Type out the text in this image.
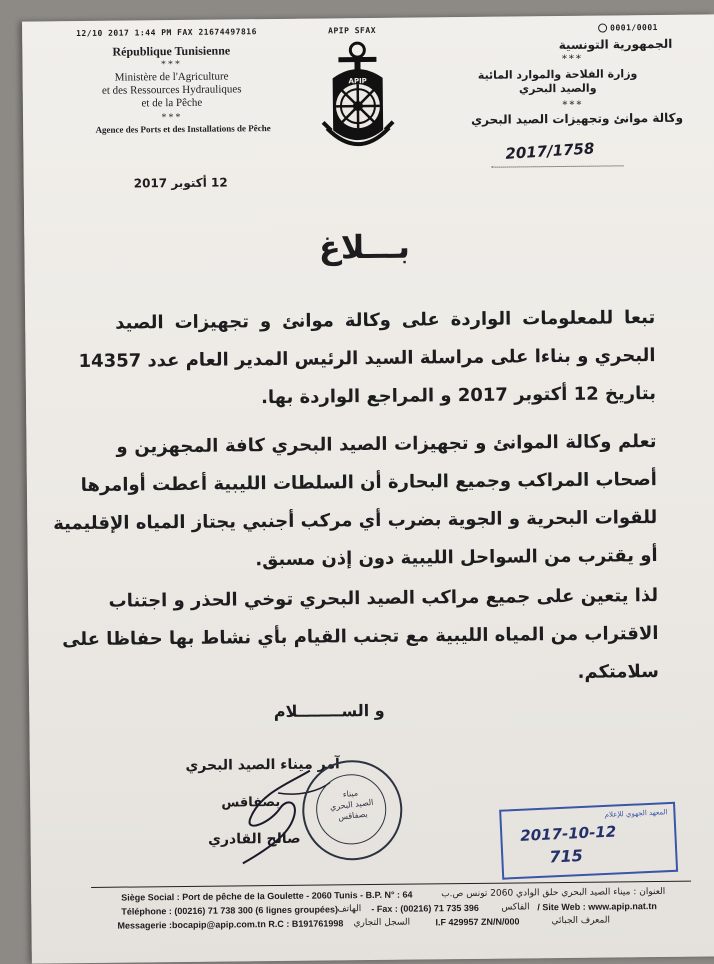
12/10 2017 1:44 PM FAX 21674497816	APIP SFAX	0001/0001
République Tunisienne
***
Ministère de l'Agriculture
et des Ressources Hydrauliques
et de la Pêche
***
Agence des Ports et des Installations de Pêche
APIP
الجمهورية التونسية
***
وزارة الفلاحة والموارد المائية
والصيد البحري
***
وكالة موانئ وتجهيزات الصيد البحري
2017/1758
12 أكتوبر 2017
بـــلاغ
تبعا للمعلومات الواردة على وكالة موانئ و تجهيزات الصيد
البحري و بناءا على مراسلة السيد الرئيس المدير العام عدد 14357
بتاريخ 12 أكتوبر 2017 و المراجع الواردة بها.
تعلم وكالة الموانئ و تجهيزات الصيد البحري كافة المجهزين و
أصحاب المراكب وجميع البحارة أن السلطات الليبية أعطت أوامرها
للقوات البحرية و الجوية بضرب أي مركب أجنبي يجتاز المياه الإقليمية
أو يقترب من السواحل الليبية دون إذن مسبق.
لذا يتعين على جميع مراكب الصيد البحري توخي الحذر و اجتناب
الاقتراب من المياه الليبية مع تجنب القيام بأي نشاط بها حفاظا على
سلامتكم.
و الســــــــلام
آمر ميناء الصيد البحري
بصفاقس
صالح القادري
ميناء
الصيد البحري
بصفاقس	المعهد الجهوي للإعلام
2017-10-12
715
Siège Social : Port de pêche de la Goulette - 2060 Tunis - B.P. N° : 64	العنوان : ميناء الصيد البحري حلق الوادي 2060 تونس ص.ب
Téléphone : (00216) 71 738 300 (6 lignes groupées) الهاتف - Fax : (00216) 71 735 396 الفاكس / Site Web : www.apip.nat.tn
Messagerie :bocapip@apip.com.tn R.C : B191761998 السجل التجاري	I.F 429957 ZN/N/000	المعرف الجبائي
